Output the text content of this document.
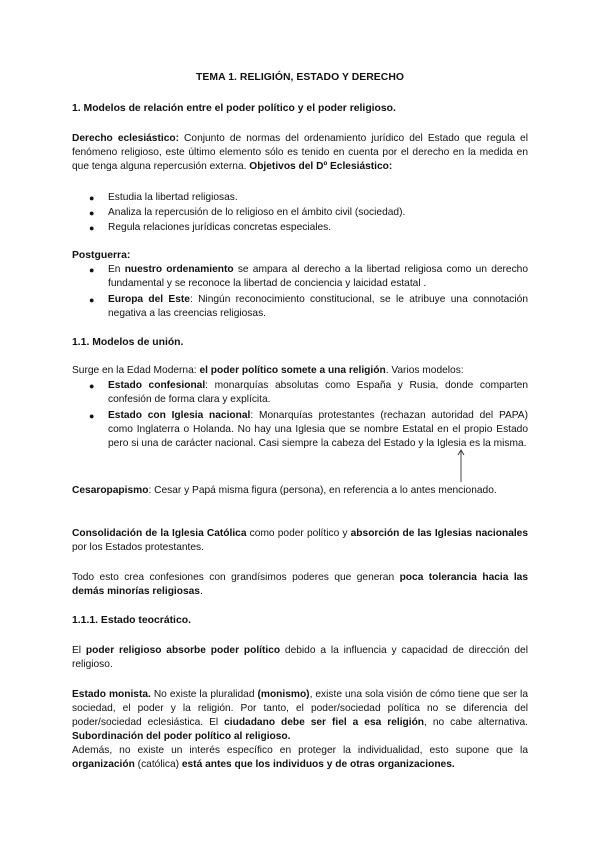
TEMA 1. RELIGIÓN, ESTADO Y DERECHO
1. Modelos de relación entre el poder político y el poder religioso.
Derecho eclesiástico: Conjunto de normas del ordenamiento jurídico del Estado que regula el fenómeno religioso, este último elemento sólo es tenido en cuenta por el derecho en la medida en que tenga alguna repercusión externa. Objetivos del Dº Eclesiástico:
● Estudia la libertad religiosas.
● Analiza la repercusión de lo religioso en el ámbito civil (sociedad).
● Regula relaciones jurídicas concretas especiales.
Postguerra:
● En nuestro ordenamiento se ampara al derecho a la libertad religiosa como un derecho fundamental y se reconoce la libertad de conciencia y laicidad estatal .
● Europa del Este: Ningún reconocimiento constitucional, se le atribuye una connotación negativa a las creencias religiosas.
1.1. Modelos de unión.
Surge en la Edad Moderna: el poder político somete a una religión. Varios modelos:
● Estado confesional: monarquías absolutas como España y Rusia, donde comparten confesión de forma clara y explícita.
● Estado con Iglesia nacional: Monarquías protestantes (rechazan autoridad del PAPA) como Inglaterra o Holanda. No hay una Iglesia que se nombre Estatal en el propio Estado pero si una de carácter nacional. Casi siempre la cabeza del Estado y la Iglesia es la misma.
Cesaropapismo: Cesar y Papá misma figura (persona), en referencia a lo antes mencionado.
Consolidación de la Iglesia Católica como poder político y absorción de las Iglesias nacionales por los Estados protestantes.
Todo esto crea confesiones con grandísimos poderes que generan poca tolerancia hacia las demás minorías religiosas.
1.1.1. Estado teocrático.
El poder religioso absorbe poder político debido a la influencia y capacidad de dirección del religioso.
Estado monista. No existe la pluralidad (monismo), existe una sola visión de cómo tiene que ser la sociedad, el poder y la religión. Por tanto, el poder/sociedad política no se diferencia del poder/sociedad eclesiástica. El ciudadano debe ser fiel a esa religión, no cabe alternativa. Subordinación del poder político al religioso.
Además, no existe un interés específico en proteger la individualidad, esto supone que la organización (católica) está antes que los individuos y de otras organizaciones.
